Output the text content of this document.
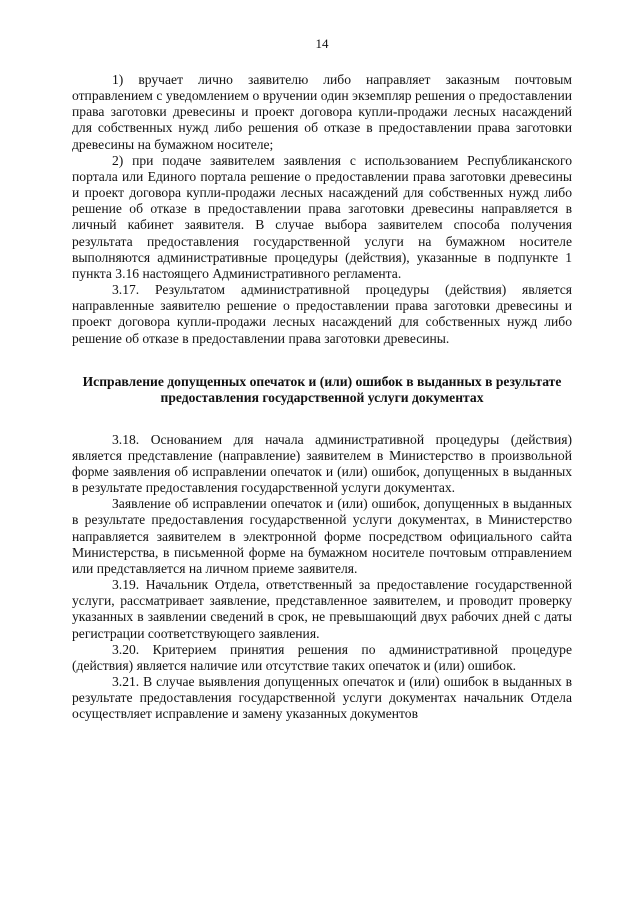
14

1) вручает лично заявителю либо направляет заказным почтовым отправлением с уведомлением о вручении один экземпляр решения о предоставлении права заготовки древесины и проект договора купли-продажи лесных насаждений для собственных нужд либо решения об отказе в предоставлении права заготовки древесины на бумажном носителе;

2) при подаче заявителем заявления с использованием Республиканского портала или Единого портала решение о предоставлении права заготовки древесины и проект договора купли-продажи лесных насаждений для собственных нужд либо решение об отказе в предоставлении права заготовки древесины направляется в личный кабинет заявителя. В случае выбора заявителем способа получения результата предоставления государственной услуги на бумажном носителе выполняются административные процедуры (действия), указанные в подпункте 1 пункта 3.16 настоящего Административного регламента.

3.17. Результатом административной процедуры (действия) является направленные заявителю решение о предоставлении права заготовки древесины и проект договора купли-продажи лесных насаждений для собственных нужд либо решение об отказе в предоставлении права заготовки древесины.

Исправление допущенных опечаток и (или) ошибок в выданных в результате предоставления государственной услуги документах

3.18. Основанием для начала административной процедуры (действия) является представление (направление) заявителем в Министерство в произвольной форме заявления об исправлении опечаток и (или) ошибок, допущенных в выданных в результате предоставления государственной услуги документах.

Заявление об исправлении опечаток и (или) ошибок, допущенных в выданных в результате предоставления государственной услуги документах, в Министерство направляется заявителем в электронной форме посредством официального сайта Министерства, в письменной форме на бумажном носителе почтовым отправлением или представляется на личном приеме заявителя.

3.19. Начальник Отдела, ответственный за предоставление государственной услуги, рассматривает заявление, представленное заявителем, и проводит проверку указанных в заявлении сведений в срок, не превышающий двух рабочих дней с даты регистрации соответствующего заявления.

3.20. Критерием принятия решения по административной процедуре (действия) является наличие или отсутствие таких опечаток и (или) ошибок.

3.21. В случае выявления допущенных опечаток и (или) ошибок в выданных в результате предоставления государственной услуги документах начальник Отдела осуществляет исправление и замену указанных документов
